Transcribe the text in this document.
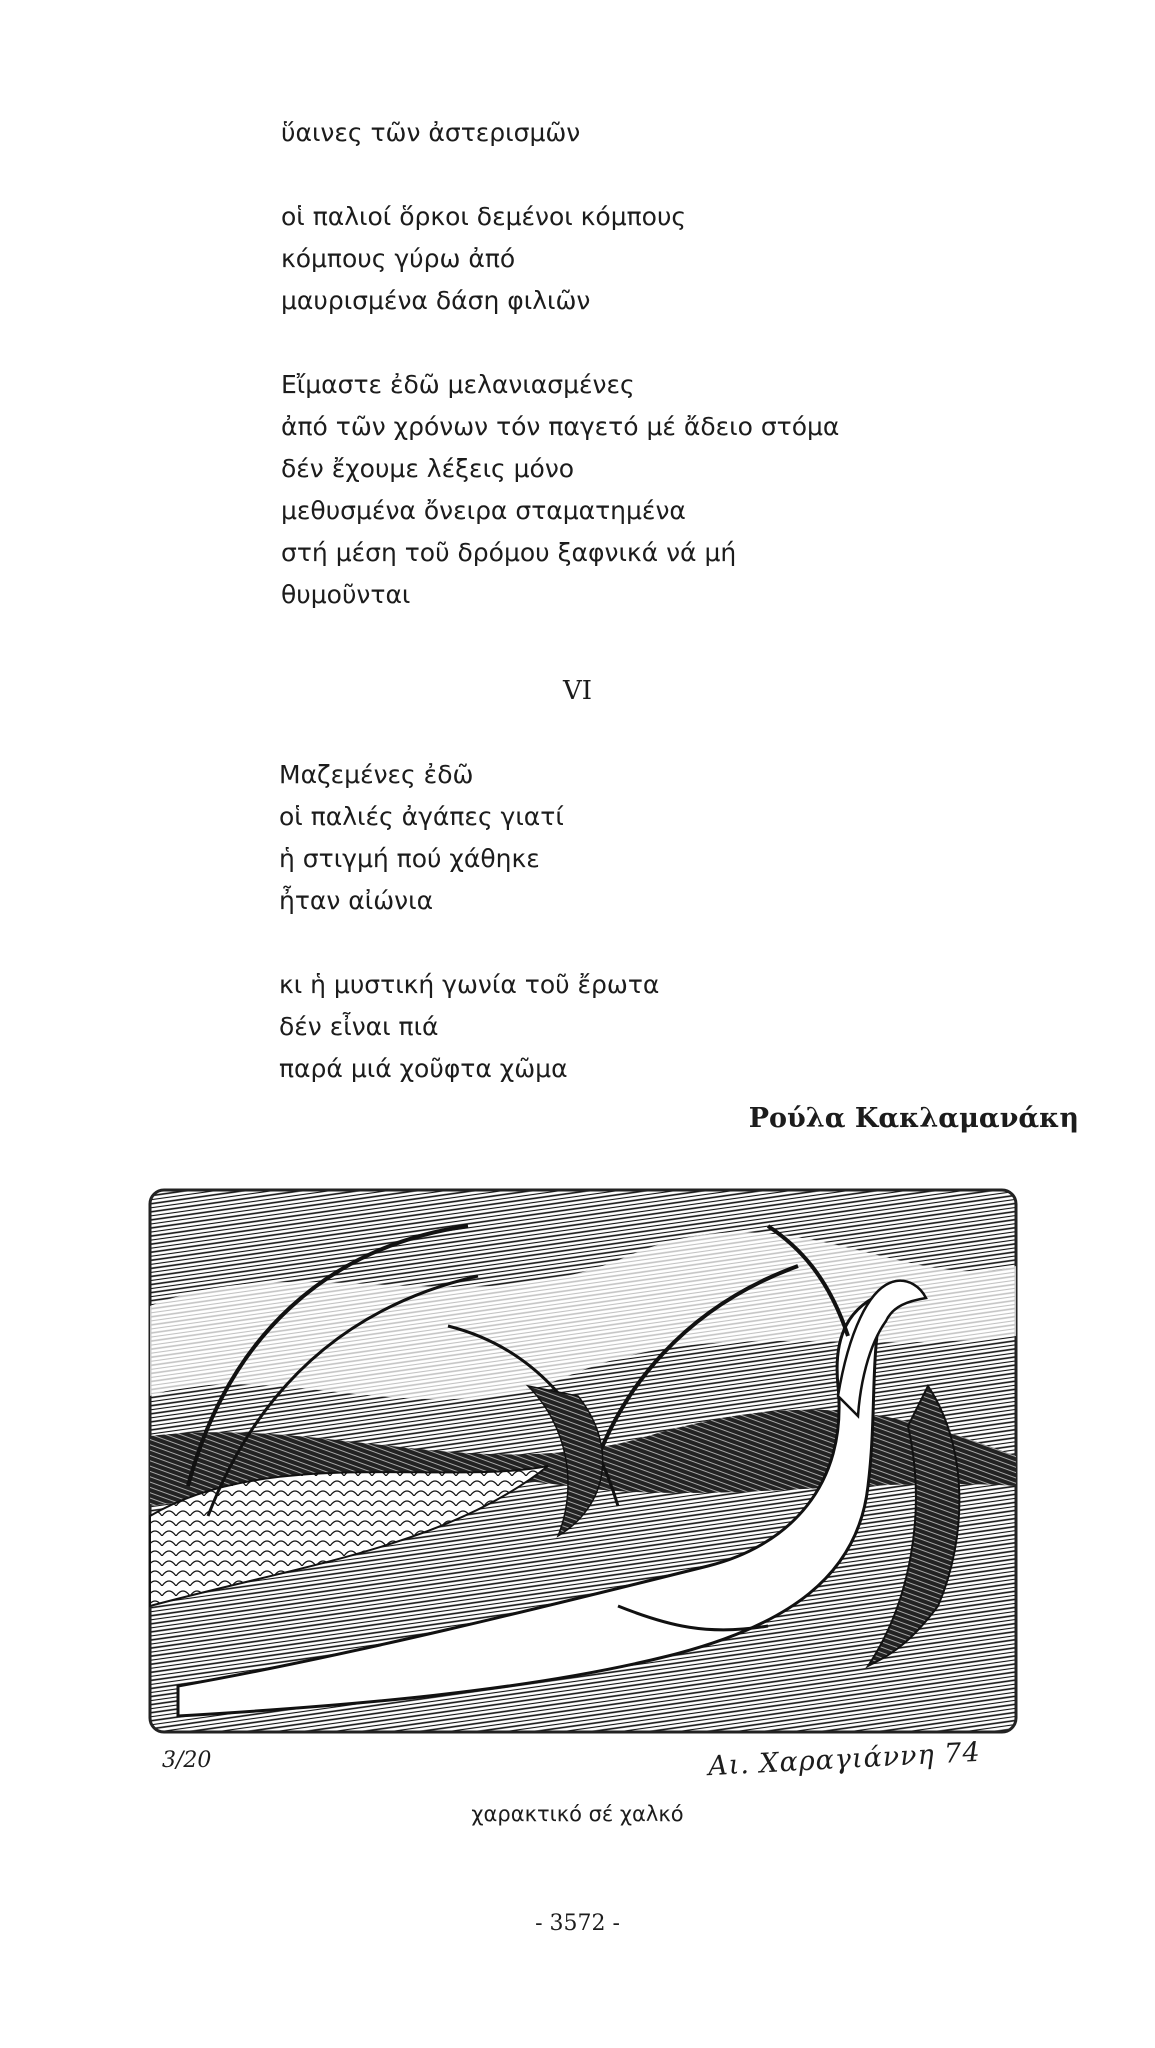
ὕαινες τῶν ἀστερισμῶν
οἱ παλιοί ὅρκοι δεμένοι κόμπους
κόμπους γύρω ἀπό
μαυρισμένα δάση φιλιῶν
Εἴμαστε ἐδῶ μελανιασμένες
ἀπό τῶν χρόνων τόν παγετό μέ ἄδειο στόμα
δέν ἔχουμε λέξεις μόνο
μεθυσμένα ὄνειρα σταματημένα
στή μέση τοῦ δρόμου ξαφνικά νά μή
θυμοῦνται
VI
Μαζεμένες ἐδῶ
οἱ παλιές ἀγάπες γιατί
ἡ στιγμή πού χάθηκε
ἦταν αἰώνια
κι ἡ μυστική γωνία τοῦ ἔρωτα
δέν εἶναι πιά
παρά μιά χοῦφτα χῶμα
Ρούλα Κακλαμανάκη
3/20	Αι. Χαραγιάννη 74
χαρακτικό σέ χαλκό
- 3572 -
